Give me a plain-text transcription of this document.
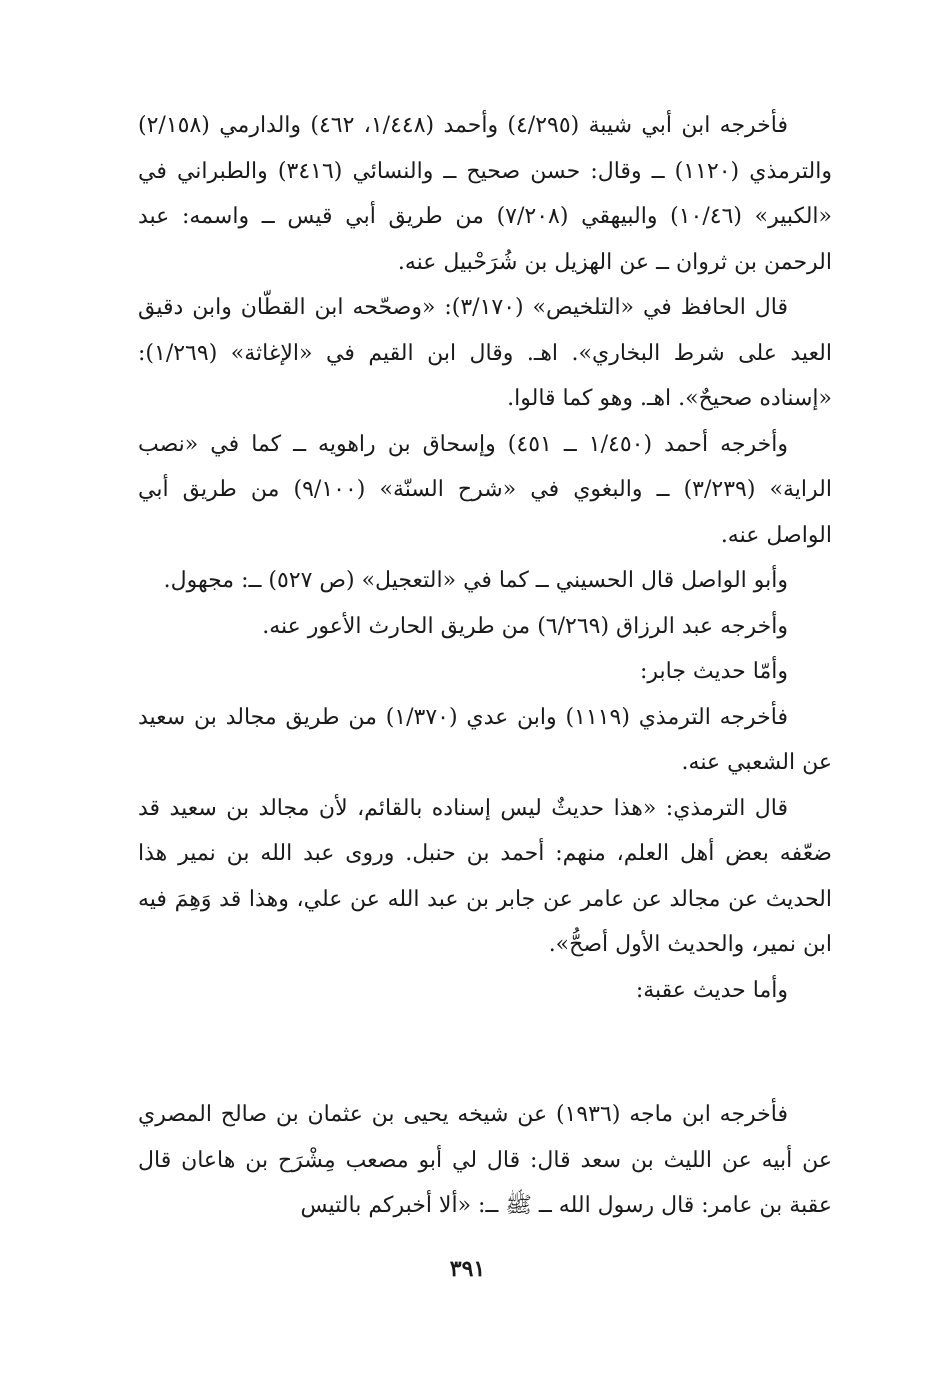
فأخرجه ابن أبي شيبة (٤/٢٩٥) وأحمد (١/٤٤٨، ٤٦٢) والدارمي (٢/١٥٨) والترمذي (١١٢٠) ــ وقال: حسن صحيح ــ والنسائي (٣٤١٦) والطبراني في «الكبير» (١٠/٤٦) والبيهقي (٧/٢٠٨) من طريق أبي قيس ــ واسمه: عبد الرحمن بن ثروان ــ عن الهزيل بن شُرَحْبيل عنه.

قال الحافظ في «التلخيص» (٣/١٧٠): «وصحّحه ابن القطّان وابن دقيق العيد على شرط البخاري». اهـ. وقال ابن القيم في «الإغاثة» (١/٢٦٩): «إسناده صحيحٌ». اهـ. وهو كما قالوا.

وأخرجه أحمد (١/٤٥٠ ــ ٤٥١) وإسحاق بن راهويه ــ كما في «نصب الراية» (٣/٢٣٩) ــ والبغوي في «شرح السنّة» (٩/١٠٠) من طريق أبي الواصل عنه.

وأبو الواصل قال الحسيني ــ كما في «التعجيل» (ص ٥٢٧) ــ: مجهول.

وأخرجه عبد الرزاق (٦/٢٦٩) من طريق الحارث الأعور عنه.

وأمّا حديث جابر:

فأخرجه الترمذي (١١١٩) وابن عدي (١/٣٧٠) من طريق مجالد بن سعيد عن الشعبي عنه.

قال الترمذي: «هذا حديثٌ ليس إسناده بالقائم، لأن مجالد بن سعيد قد ضعّفه بعض أهل العلم، منهم: أحمد بن حنبل. وروى عبد الله بن نمير هذا الحديث عن مجالد عن عامر عن جابر بن عبد الله عن علي، وهذا قد وَهِمَ فيه ابن نمير، والحديث الأول أصحُّ».

وأما حديث عقبة:

فأخرجه ابن ماجه (١٩٣٦) عن شيخه يحيى بن عثمان بن صالح المصري عن أبيه عن الليث بن سعد قال: قال لي أبو مصعب مِشْرَح بن هاعان قال عقبة بن عامر: قال رسول الله ــ ﷺ ــ: «ألا أخبركم بالتيس

٣٩١
